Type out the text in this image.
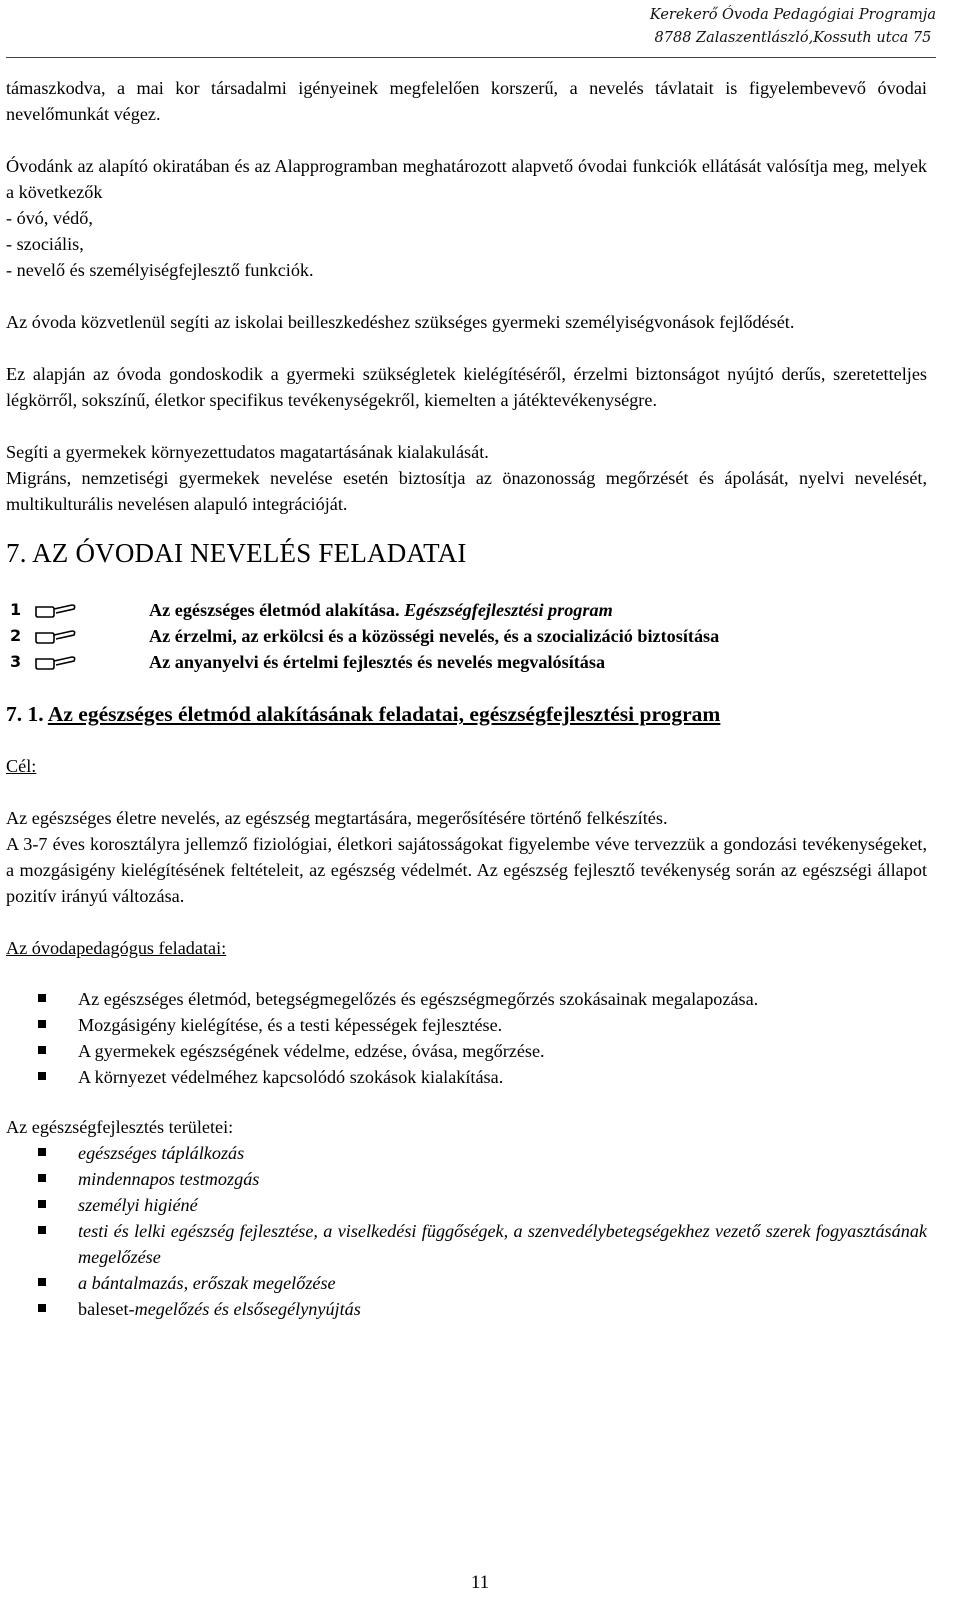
Kerekerő Óvoda Pedagógiai Programja
8788 Zalaszentlászló,Kossuth utca 75

támaszkodva, a mai kor társadalmi igényeinek megfelelően korszerű, a nevelés távlatait is figyelembevevő óvodai nevelőmunkát végez.

Óvodánk az alapító okiratában és az Alapprogramban meghatározott alapvető óvodai funkciók ellátását valósítja meg, melyek a következők
- óvó, védő,
- szociális,
- nevelő és személyiségfejlesztő funkciók.

Az óvoda közvetlenül segíti az iskolai beilleszkedéshez szükséges gyermeki személyiségvonások fejlődését.

Ez alapján az óvoda gondoskodik a gyermeki szükségletek kielégítéséről, érzelmi biztonságot nyújtó derűs, szeretetteljes légkörről, sokszínű, életkor specifikus tevékenységekről, kiemelten a játéktevékenységre.

Segíti a gyermekek környezettudatos magatartásának kialakulását.

Migráns, nemzetiségi gyermekek nevelése esetén biztosítja az önazonosság megőrzését és ápolását, nyelvi nevelését, multikulturális nevelésen alapuló integrációját.

7. AZ ÓVODAI NEVELÉS FELADATAI
1	Az egészséges életmód alakítása. Egészségfejlesztési program
2	Az érzelmi, az erkölcsi és a közösségi nevelés, és a szocializáció biztosítása
3	Az anyanyelvi és értelmi fejlesztés és nevelés megvalósítása
7. 1. Az egészséges életmód alakításának feladatai, egészségfejlesztési program
Cél:

Az egészséges életre nevelés, az egészség megtartására, megerősítésére történő felkészítés.

A 3-7 éves korosztályra jellemző fiziológiai, életkori sajátosságokat figyelembe véve tervezzük a gondozási tevékenységeket, a mozgásigény kielégítésének feltételeit, az egészség védelmét. Az egészség fejlesztő tevékenység során az egészségi állapot pozitív irányú változása.

Az óvodapedagógus feladatai:
Az egészséges életmód, betegségmegelőzés és egészségmegőrzés szokásainak megalapozása.
Mozgásigény kielégítése, és a testi képességek fejlesztése.
A gyermekek egészségének védelme, edzése, óvása, megőrzése.
A környezet védelméhez kapcsolódó szokások kialakítása.
Az egészségfejlesztés területei:
egészséges táplálkozás
mindennapos testmozgás
személyi higiéné
testi és lelki egészség fejlesztése, a viselkedési függőségek, a szenvedélybetegségekhez vezető szerek fogyasztásának megelőzése
a bántalmazás, erőszak megelőzése
baleset-megelőzés és elsősegélynyújtás
11
